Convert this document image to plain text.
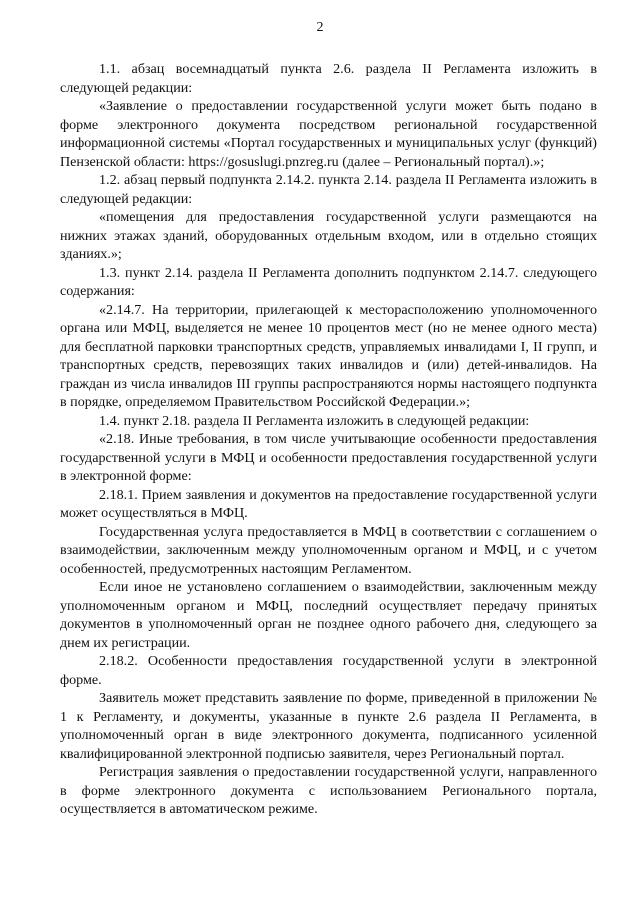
2

1.1. абзац восемнадцатый пункта 2.6. раздела II Регламента изложить в следующей редакции:

«Заявление о предоставлении государственной услуги может быть подано в форме электронного документа посредством региональной государственной информационной системы «Портал государственных и муниципальных услуг (функций) Пензенской области: https://gosuslugi.pnzreg.ru (далее – Региональный портал).»;

1.2. абзац первый подпункта 2.14.2. пункта 2.14. раздела II Регламента изложить в следующей редакции:

«помещения для предоставления государственной услуги размещаются на нижних этажах зданий, оборудованных отдельным входом, или в отдельно стоящих зданиях.»;

1.3. пункт 2.14. раздела II Регламента дополнить подпунктом 2.14.7. следующего содержания:

«2.14.7. На территории, прилегающей к месторасположению уполномоченного органа или МФЦ, выделяется не менее 10 процентов мест (но не менее одного места) для бесплатной парковки транспортных средств, управляемых инвалидами I, II групп, и транспортных средств, перевозящих таких инвалидов и (или) детей-инвалидов. На граждан из числа инвалидов III группы распространяются нормы настоящего подпункта в порядке, определяемом Правительством Российской Федерации.»;

1.4. пункт 2.18. раздела II Регламента изложить в следующей редакции:

«2.18. Иные требования, в том числе учитывающие особенности предоставления государственной услуги в МФЦ и особенности предоставления государственной услуги в электронной форме:

2.18.1. Прием заявления и документов на предоставление государственной услуги может осуществляться в МФЦ.

Государственная услуга предоставляется в МФЦ в соответствии с соглашением о взаимодействии, заключенным между уполномоченным органом и МФЦ, и с учетом особенностей, предусмотренных настоящим Регламентом.

Если иное не установлено соглашением о взаимодействии, заключенным между уполномоченным органом и МФЦ, последний осуществляет передачу принятых документов в уполномоченный орган не позднее одного рабочего дня, следующего за днем их регистрации.

2.18.2. Особенности предоставления государственной услуги в электронной форме.

Заявитель может представить заявление по форме, приведенной в приложении № 1 к Регламенту, и документы, указанные в пункте 2.6 раздела II Регламента, в уполномоченный орган в виде электронного документа, подписанного усиленной квалифицированной электронной подписью заявителя, через Региональный портал.

Регистрация заявления о предоставлении государственной услуги, направленного в форме электронного документа с использованием Регионального портала, осуществляется в автоматическом режиме.
